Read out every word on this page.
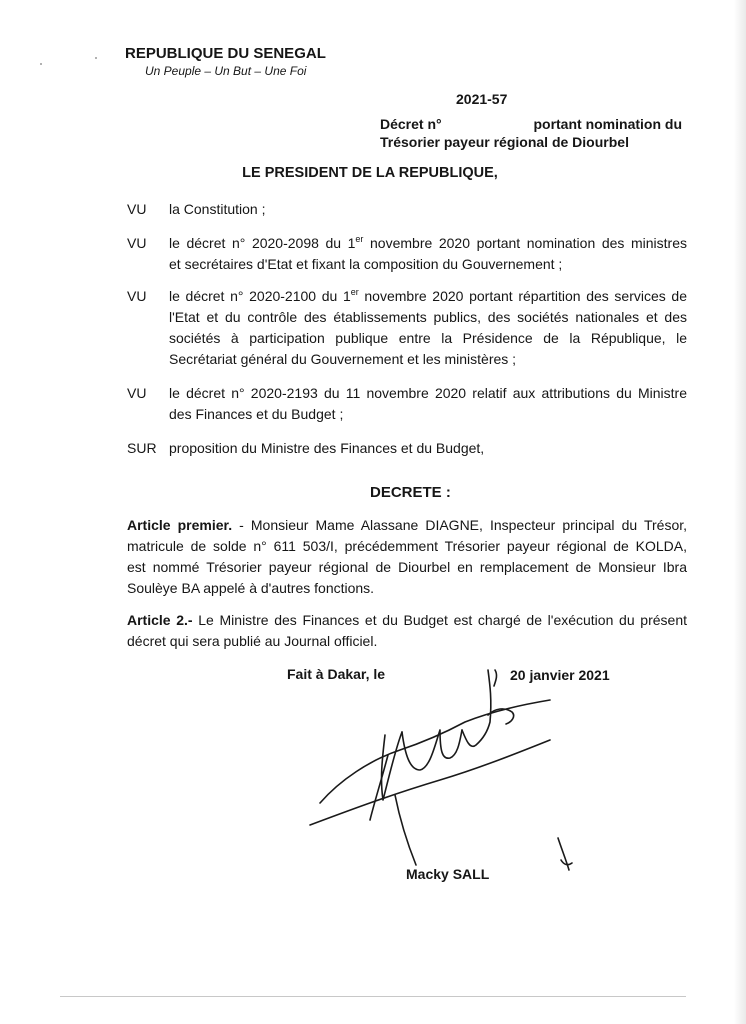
REPUBLIQUE DU SENEGAL

Un Peuple – Un But – Une Foi

2021-57

Décret n°	portant nomination du
Trésorier payeur régional de Diourbel

LE PRESIDENT DE LA REPUBLIQUE,

VU la Constitution ;
VU le décret n° 2020-2098 du 1er novembre 2020 portant nomination des ministres
et secrétaires d'Etat et fixant la composition du Gouvernement ;
VU le décret n° 2020-2100 du 1er novembre 2020 portant répartition des services de
l'Etat et du contrôle des établissements publics, des sociétés nationales et des
sociétés à participation publique entre la Présidence de la République, le
Secrétariat général du Gouvernement et les ministères ;
VU le décret n° 2020-2193 du 11 novembre 2020 relatif aux attributions du Ministre
des Finances et du Budget ;
SUR proposition du Ministre des Finances et du Budget,

DECRETE :

Article premier. - Monsieur Mame Alassane DIAGNE, Inspecteur principal du Trésor,
matricule de solde n° 611 503/I, précédemment Trésorier payeur régional de KOLDA,
est nommé Trésorier payeur régional de Diourbel en remplacement de Monsieur Ibra
Soulèye BA appelé à d'autres fonctions.
Article 2.- Le Ministre des Finances et du Budget est chargé de l'exécution du présent
décret qui sera publié au Journal officiel.

Fait à Dakar, le	20 janvier 2021

Macky SALL
